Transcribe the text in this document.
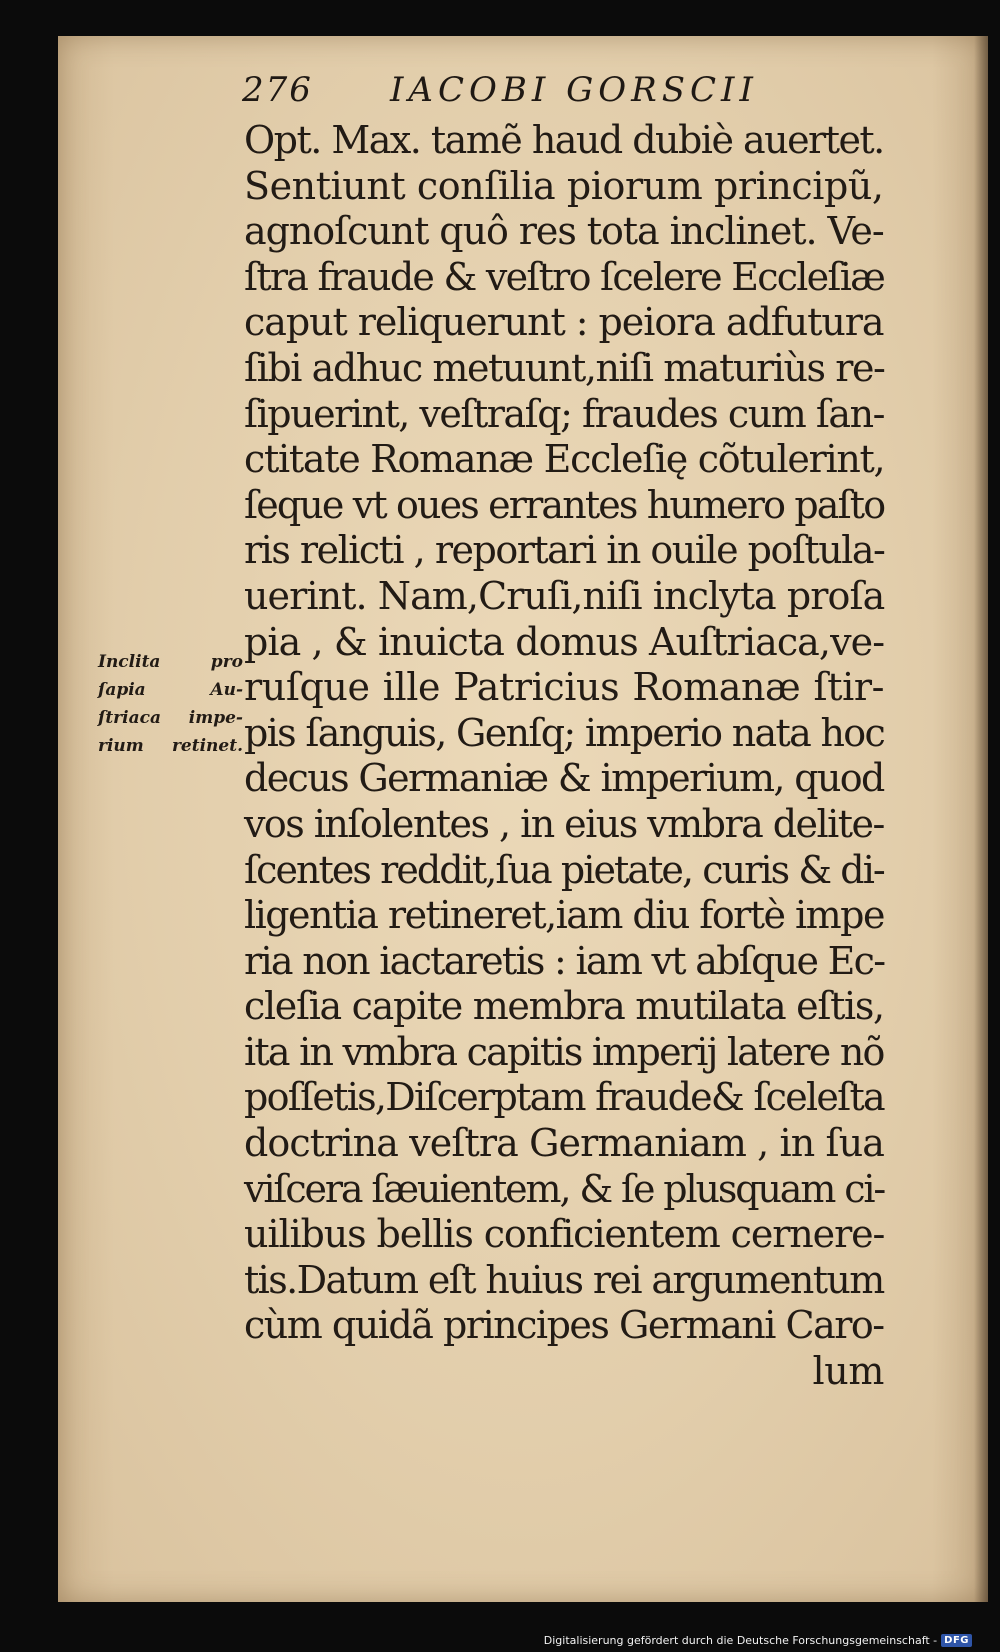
276 IACOBI GORSCII
Opt. Max. tamẽ haud dubiè auertet.
Sentiunt conſilia piorum principũ,
agnoſcunt quô res tota inclinet. Ve-
ſtra fraude & veſtro ſcelere Eccleſiæ
caput reliquerunt : peiora adfutura
ſibi adhuc metuunt,niſi maturiùs re-
ſipuerint, veſtraſq; fraudes cum ſan-
ctitate Romanæ Eccleſię cõtulerint,
ſeque vt oues errantes humero paſto
ris relicti , reportari in ouile poſtula-
uerint. Nam,Cruſi,niſi inclyta proſa
pia , & inuicta domus Auſtriaca,ve-
ruſque ille Patricius Romanæ ſtir-
pis ſanguis, Genſq; imperio nata hoc
decus Germaniæ & imperium, quod
vos inſolentes , in eius vmbra delite-
ſcentes reddit,ſua pietate, curis & di-
ligentia retineret,iam diu fortè impe
ria non iactaretis : iam vt abſque Ec-
cleſia capite membra mutilata eſtis,
ita in vmbra capitis imperij latere nõ
poſſetis,Diſcerptam fraude& ſceleſta
doctrina veſtra Germaniam , in ſua
viſcera ſæuientem, & ſe plusquam ci-
uilibus bellis conficientem cernere-
tis.Datum eſt huius rei argumentum
cùm quidã principes Germani Caro-
lum
Inclita pro
ſapia Au-
ſtriaca impe-
rium retinet.
Digitalisierung gefördert durch die Deutsche Forschungsgemeinschaft - DFG
